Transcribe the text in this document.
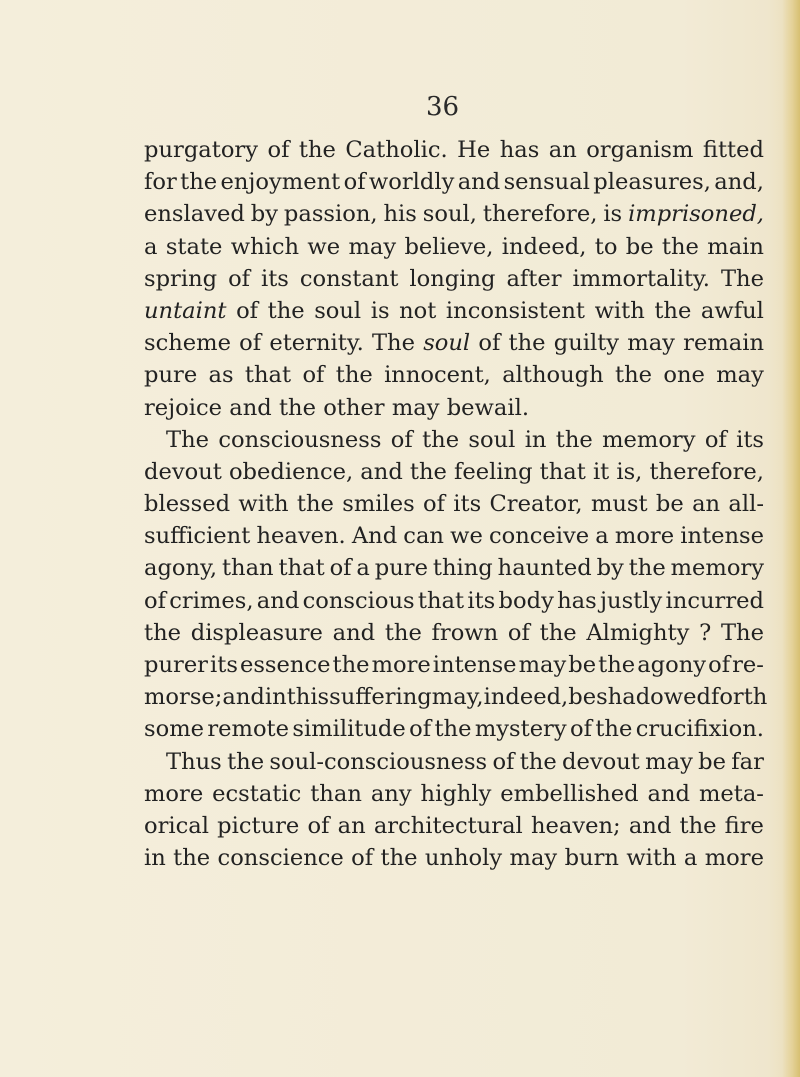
36
purgatory of the Catholic. He has an organism fitted
for the enjoyment of worldly and sensual pleasures, and,
enslaved by passion, his soul, therefore, is imprisoned,
a state which we may believe, indeed, to be the main
spring of its constant longing after immortality. The
untaint of the soul is not inconsistent with the awful
scheme of eternity. The soul of the guilty may remain
pure as that of the innocent, although the one may
rejoice and the other may bewail.
The consciousness of the soul in the memory of its
devout obedience, and the feeling that it is, therefore,
blessed with the smiles of its Creator, must be an all-
sufficient heaven. And can we conceive a more intense
agony, than that of a pure thing haunted by the memory
of crimes, and conscious that its body has justly incurred
the displeasure and the frown of the Almighty ? The
purer its essence the more intense may be the agony of re-
morse; and in this suffering may, indeed, be shadowed forth
some remote similitude of the mystery of the crucifixion.
Thus the soul-consciousness of the devout may be far
more ecstatic than any highly embellished and meta-
orical picture of an architectural heaven; and the fire
in the conscience of the unholy may burn with a more
